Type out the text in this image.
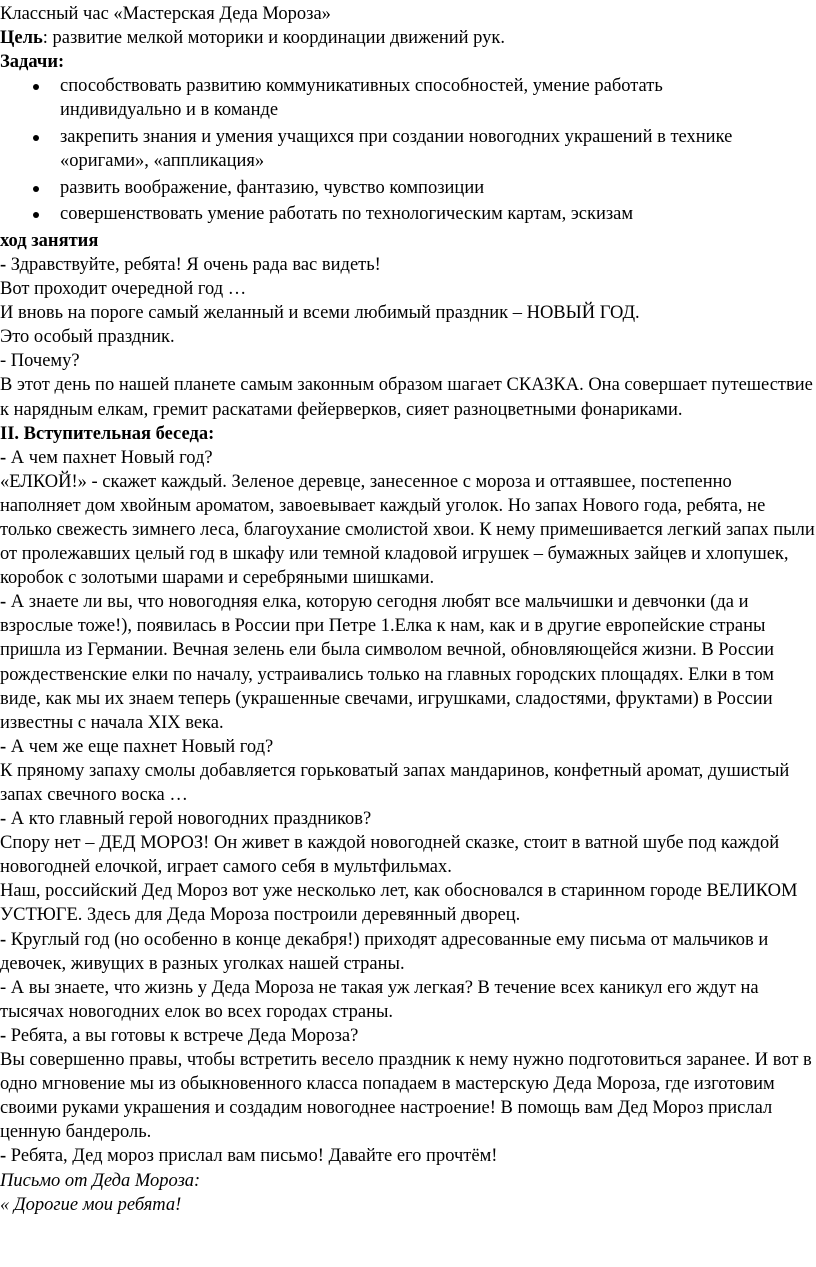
Классный час «Мастерская Деда Мороза»

Цель: развитие мелкой моторики и координации движений рук.

Задачи:

способствовать развитию коммуникативных способностей, умение работать индивидуально и в команде
закрепить знания и умения учащихся при создании новогодних украшений в технике «оригами», «аппликация»
развить воображение, фантазию, чувство композиции
совершенствовать умение работать по технологическим картам, эскизам

ход занятия

- Здравствуйте, ребята! Я очень рада вас видеть!

Вот проходит очередной год …

И вновь на пороге самый желанный и всеми любимый праздник – НОВЫЙ ГОД.

Это особый праздник.

- Почему?

В этот день по нашей планете самым законным образом шагает СКАЗКА. Она совершает путешествие к нарядным елкам, гремит раскатами фейерверков, сияет разноцветными фонариками.

II. Вступительная беседа:

- А чем пахнет Новый год?

«ЕЛКОЙ!» - скажет каждый. Зеленое деревце, занесенное с мороза и оттаявшее, постепенно наполняет дом хвойным ароматом, завоевывает каждый уголок. Но запах Нового года, ребята, не только свежесть зимнего леса, благоухание смолистой хвои. К нему примешивается легкий запах пыли от пролежавших целый год в шкафу или темной кладовой игрушек – бумажных зайцев и хлопушек, коробок с золотыми шарами и серебряными шишками.

- А знаете ли вы, что новогодняя елка, которую сегодня любят все мальчишки и девчонки (да и взрослые тоже!), появилась в России при Петре 1.Елка к нам, как и в другие европейские страны пришла из Германии. Вечная зелень ели была символом вечной, обновляющейся жизни. В России рождественские елки по началу, устраивались только на главных городских площадях. Елки в том виде, как мы их знаем теперь (украшенные свечами, игрушками, сладостями, фруктами) в России известны с начала XIX века.

- А чем же еще пахнет Новый год?

К пряному запаху смолы добавляется горьковатый запах мандаринов, конфетный аромат, душистый запах свечного воска …

- А кто главный герой новогодних праздников?

Спору нет – ДЕД МОРОЗ! Он живет в каждой новогодней сказке, стоит в ватной шубе под каждой новогодней елочкой, играет самого себя в мультфильмах.

Наш, российский Дед Мороз вот уже несколько лет, как обосновался в старинном городе ВЕЛИКОМ УСТЮГЕ. Здесь для Деда Мороза построили деревянный дворец.

- Круглый год (но особенно в конце декабря!) приходят адресованные ему письма от мальчиков и девочек, живущих в разных уголках нашей страны.

- А вы знаете, что жизнь у Деда Мороза не такая уж легкая? В течение всех каникул его ждут на тысячах новогодних елок во всех городах страны.

- Ребята, а вы готовы к встрече Деда Мороза?

Вы совершенно правы, чтобы встретить весело праздник к нему нужно подготовиться заранее. И вот в одно мгновение мы из обыкновенного класса попадаем в мастерскую Деда Мороза, где изготовим своими руками украшения и создадим новогоднее настроение! В помощь вам Дед Мороз прислал ценную бандероль.

- Ребята, Дед мороз прислал вам письмо! Давайте его прочтём!

Письмо от Деда Мороза:

« Дорогие мои ребята!
